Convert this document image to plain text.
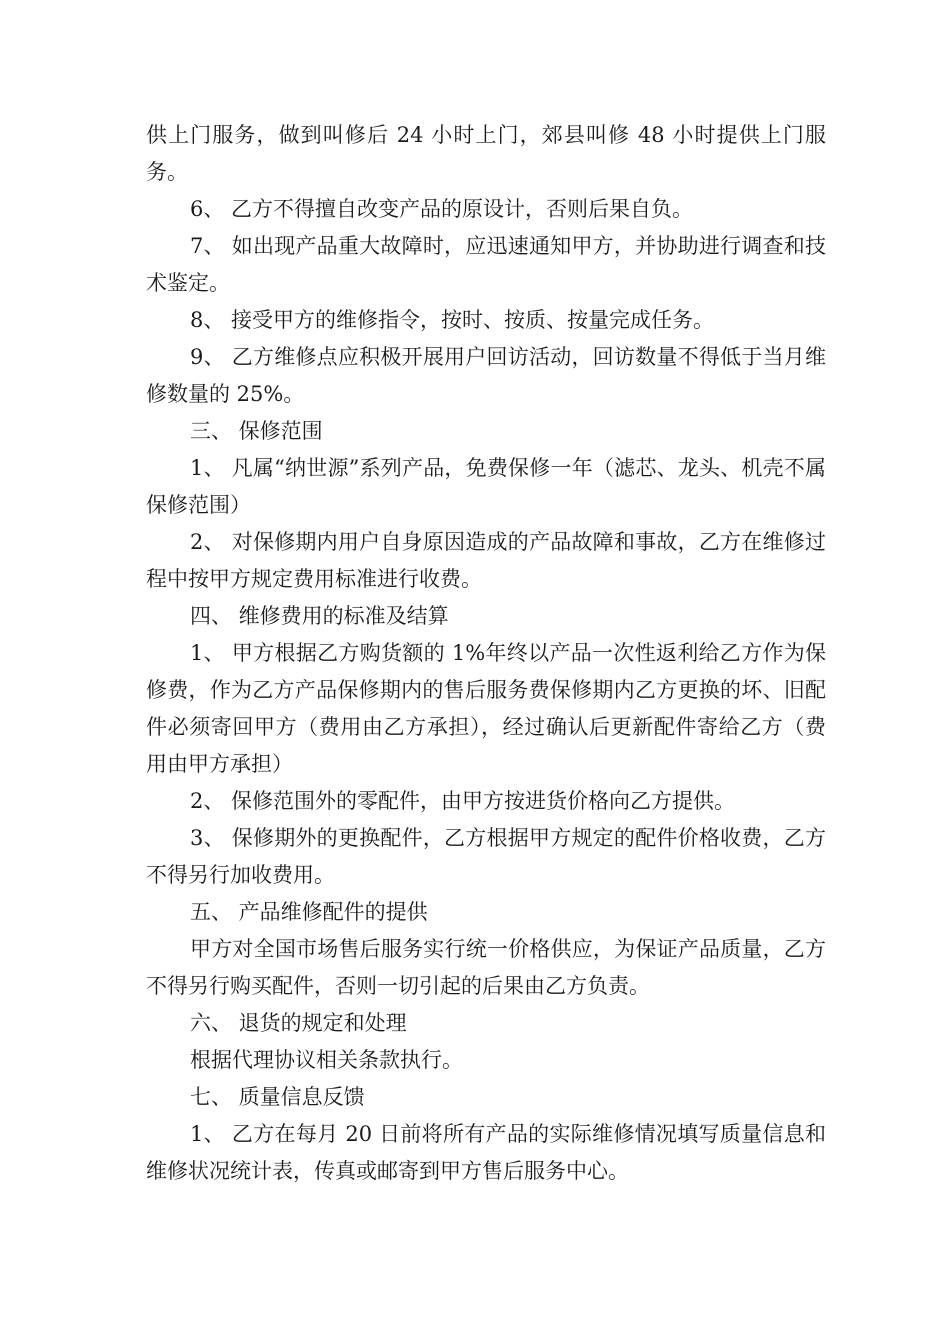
供上门服务，做到叫修后 24 小时上门，郊县叫修 48 小时提供上门服务。

6、 乙方不得擅自改变产品的原设计，否则后果自负。

7、 如出现产品重大故障时，应迅速通知甲方，并协助进行调查和技术鉴定。

8、 接受甲方的维修指令，按时、按质、按量完成任务。

9、 乙方维修点应积极开展用户回访活动，回访数量不得低于当月维修数量的 25%。

三、 保修范围

1、 凡属“纳世源”系列产品，免费保修一年（滤芯、龙头、机壳不属保修范围）

2、 对保修期内用户自身原因造成的产品故障和事故，乙方在维修过程中按甲方规定费用标准进行收费。

四、 维修费用的标准及结算

1、 甲方根据乙方购货额的 1%年终以产品一次性返利给乙方作为保修费，作为乙方产品保修期内的售后服务费保修期内乙方更换的坏、旧配件必须寄回甲方（费用由乙方承担），经过确认后更新配件寄给乙方（费用由甲方承担）

2、 保修范围外的零配件，由甲方按进货价格向乙方提供。

3、 保修期外的更换配件，乙方根据甲方规定的配件价格收费，乙方不得另行加收费用。

五、 产品维修配件的提供

甲方对全国市场售后服务实行统一价格供应，为保证产品质量，乙方不得另行购买配件，否则一切引起的后果由乙方负责。

六、 退货的规定和处理

根据代理协议相关条款执行。

七、 质量信息反馈

1、 乙方在每月 20 日前将所有产品的实际维修情况填写质量信息和维修状况统计表，传真或邮寄到甲方售后服务中心。
